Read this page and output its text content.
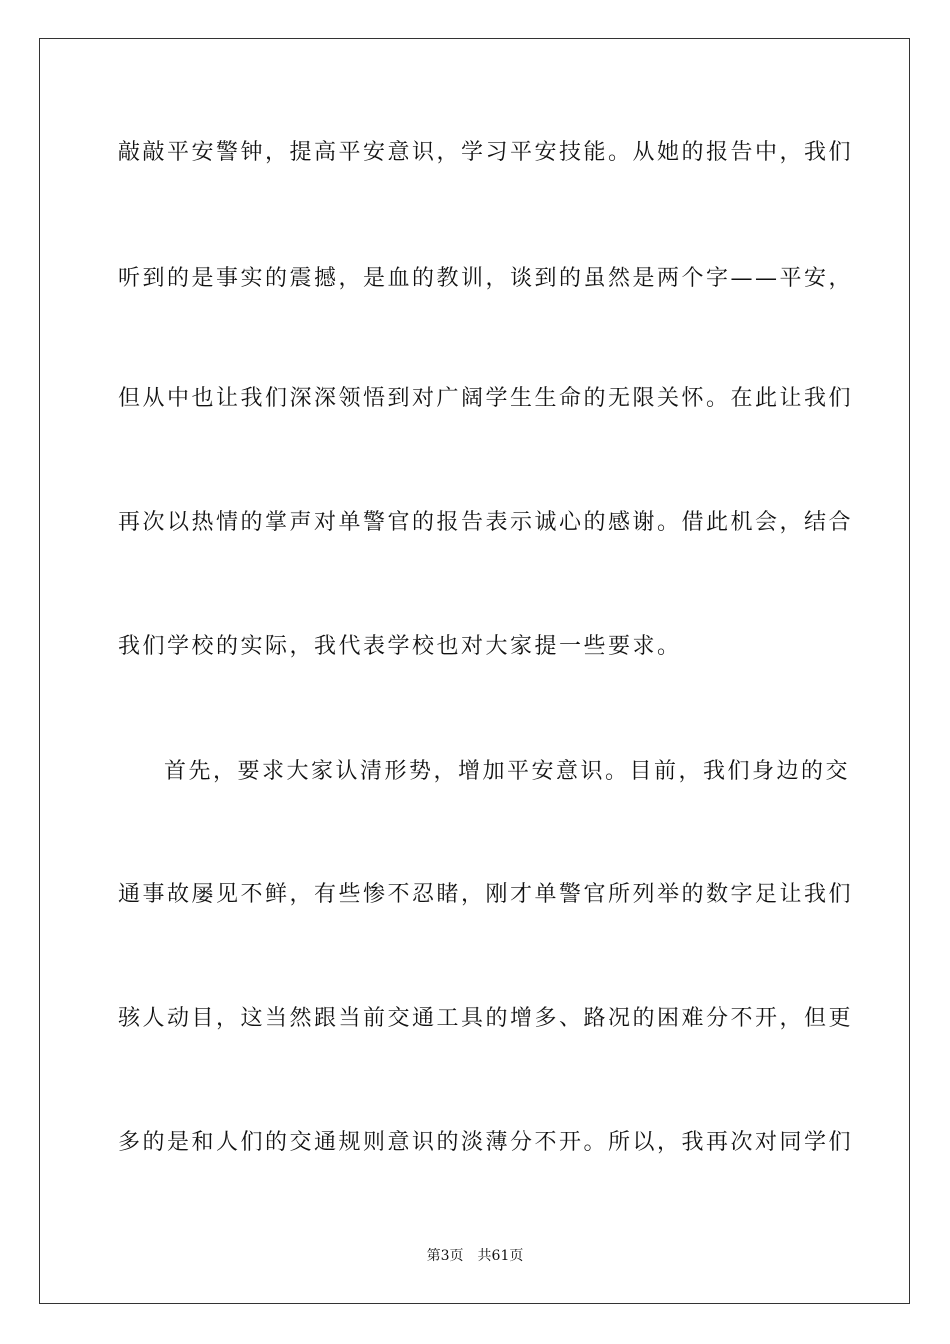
敲敲平安警钟，提高平安意识，学习平安技能。从她的报告中，我们
听到的是事实的震撼，是血的教训，谈到的虽然是两个字——平安，
但从中也让我们深深领悟到对广阔学生生命的无限关怀。在此让我们
再次以热情的掌声对单警官的报告表示诚心的感谢。借此机会，结合
我们学校的实际，我代表学校也对大家提一些要求。
首先，要求大家认清形势，增加平安意识。目前，我们身边的交
通事故屡见不鲜，有些惨不忍睹，刚才单警官所列举的数字足让我们
骇人动目，这当然跟当前交通工具的增多、路况的困难分不开，但更
多的是和人们的交通规则意识的淡薄分不开。所以，我再次对同学们
第3页 共61页
